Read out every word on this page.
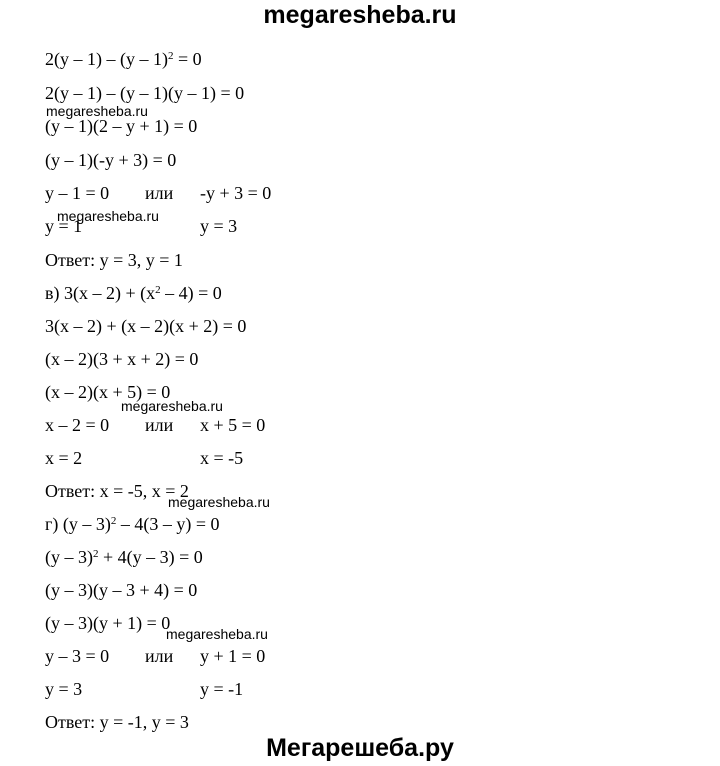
megaresheba.ru
2(y – 1) – (y – 1)$^2$ = 0
2(y – 1) – (y – 1)(y – 1) = 0
(y – 1)(2 – y + 1) = 0
(y – 1)(-y + 3) = 0
y – 1 = 0 или -y + 3 = 0
y = 1	y = 3
Ответ: y = 3, y = 1
в) $3(x - 2) + (x^2 - 4) = 0$
3(x – 2) + (x – 2)(x + 2) = 0
(x – 2)(3 + x + 2) = 0
(x – 2)(x + 5) = 0
x – 2 = 0 или x + 5 = 0
x = 2	x = -5
Ответ: x = -5, x = 2
г) (y – 3)$^2$ – 4(3 – y) = 0
(y – 3)$^2$ + 4(y – 3) = 0
(y – 3)(y – 3 + 4) = 0
(y – 3)(y + 1) = 0
y – 3 = 0 или y + 1 = 0
y = 3	y = -1
Ответ: y = -1, y = 3
megaresheba.ru
megaresheba.ru
megaresheba.ru
megaresheba.ru
megaresheba.ru
Мегарешеба.ру
